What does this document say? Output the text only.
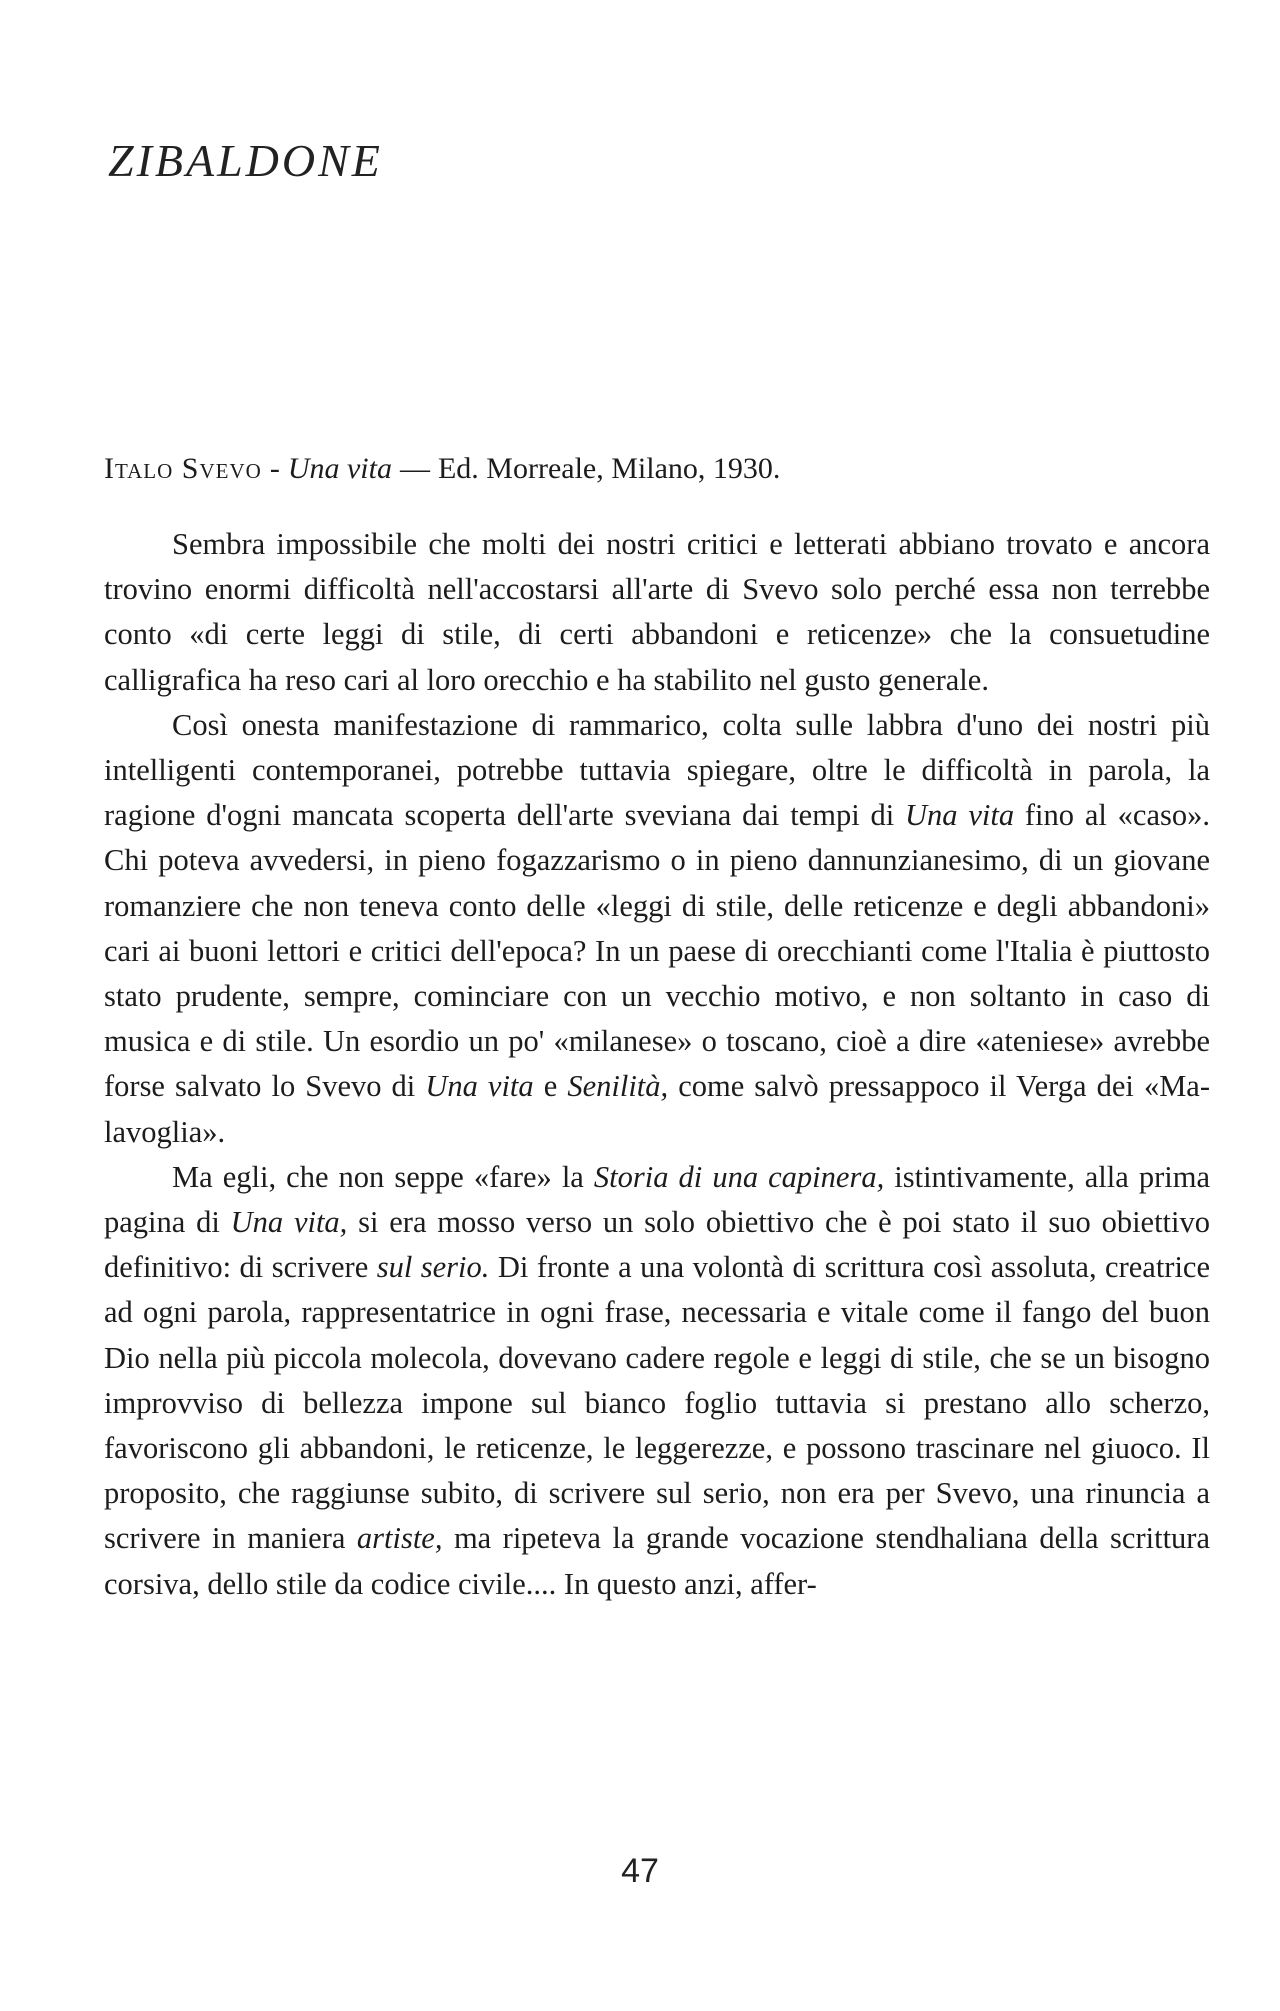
ZIBALDONE

Italo Svevo - Una vita — Ed. Morreale, Milano, 1930.

Sembra impossibile che molti dei nostri critici e letterati abbiano trovato e ancora trovino enormi difficoltà nell'accostarsi all'arte di Svevo solo perché essa non terrebbe conto «di certe leggi di stile, di certi abbandoni e reticenze» che la consuetudine calligrafica ha reso cari al loro orecchio e ha stabilito nel gusto generale.

Così onesta manifestazione di rammarico, colta sulle labbra d'uno dei nostri più intelligenti contemporanei, potrebbe tuttavia spiegare, oltre le difficoltà in parola, la ragione d'ogni mancata scoperta dell'arte sveviana dai tempi di Una vita fino al «caso». Chi poteva avvedersi, in pieno fogazzarismo o in pieno dannunzianesimo, di un giovane romanziere che non teneva conto delle «leggi di stile, delle reticenze e degli abbandoni» cari ai buoni lettori e critici dell'epoca? In un paese di orecchianti come l'Italia è piuttosto stato prudente, sempre, cominciare con un vecchio motivo, e non soltanto in caso di musica e di stile. Un esordio un po' «milanese» o toscano, cioè a dire «ateniese» avrebbe forse salvato lo Svevo di Una vita e Senilità, come salvò pressappoco il Verga dei «Malavoglia».

Ma egli, che non seppe «fare» la Storia di una capinera, istintivamente, alla prima pagina di Una vita, si era mosso verso un solo obiettivo che è poi stato il suo obiettivo definitivo: di scrivere sul serio. Di fronte a una volontà di scrittura così assoluta, creatrice ad ogni parola, rappresentatrice in ogni frase, necessaria e vitale come il fango del buon Dio nella più piccola molecola, dovevano cadere regole e leggi di stile, che se un bisogno improvviso di bellezza impone sul bianco foglio tuttavia si prestano allo scherzo, favoriscono gli abbandoni, le reticenze, le leggerezze, e possono trascinare nel giuoco. Il proposito, che raggiunse subito, di scrivere sul serio, non era per Svevo, una rinuncia a scrivere in maniera artiste, ma ripeteva la grande vocazione stendhaliana della scrittura corsiva, dello stile da codice civile.... In questo anzi, affer-

47
